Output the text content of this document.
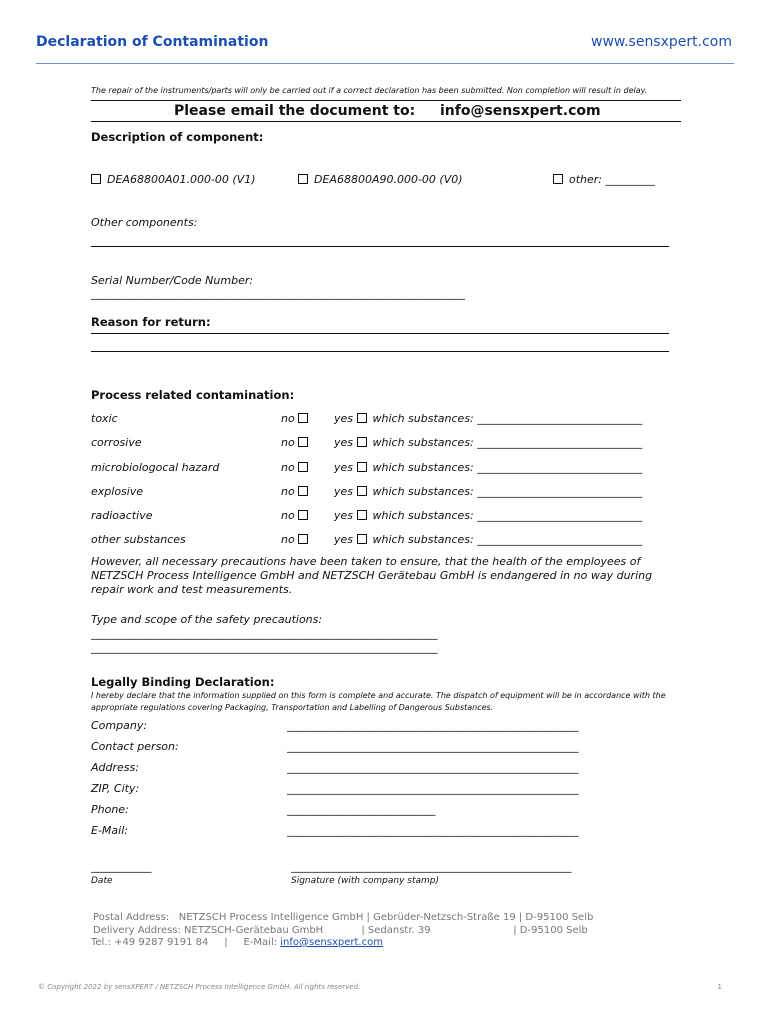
Declaration of Contamination	www.sensxpert.com
The repair of the instruments/parts will only be carried out if a correct declaration has been submitted. Non completion will result in delay.
Please email the document to: info@sensxpert.com
Description of component:
DEA68800A01.000-00 (V1)	DEA68800A90.000-00 (V0)	other: _________
Other components:
Serial Number/Code Number:
____________________________________________________________________
Reason for return:
Process related contamination:
toxic	no	yes which substances: ______________________________
corrosive	no	yes which substances: ______________________________
microbiologocal hazard	no	yes which substances: ______________________________
explosive	no	yes which substances: ______________________________
radioactive	no	yes which substances: ______________________________
other substances	no	yes which substances: ______________________________
However, all necessary precautions have been taken to ensure, that the health of the employees of NETZSCH Process Intelligence GmbH and NETZSCH Gerätebau GmbH is endangered in no way during repair work and test measurements.
Type and scope of the safety precautions:
_______________________________________________________________
_______________________________________________________________
Legally Binding Declaration:
I hereby declare that the information supplied on this form is complete and accurate. The dispatch of equipment will be in accordance with the appropriate regulations covering Packaging, Transportation and Labelling of Dangerous Substances.
Company:	_____________________________________________________
Contact person:	_____________________________________________________
Address:	_____________________________________________________
ZIP, City:	_____________________________________________________
Phone:	___________________________
E-Mail:	_____________________________________________________
___________	___________________________________________________
Date	Signature (with company stamp)
Postal Address:   NETZSCH Process Intelligence GmbH | Gebrüder-Netzsch-Straße 19 | D-95100 Selb
Delivery Address: NETZSCH-Gerätebau GmbH            | Sedanstr. 39                          | D-95100 Selb
Tel.: +49 9287 9191 84     |     E-Mail: info@sensxpert.com
© Copyright 2022 by sensXPERT / NETZSCH Process Intelligence GmbH. All rights reserved.	1
